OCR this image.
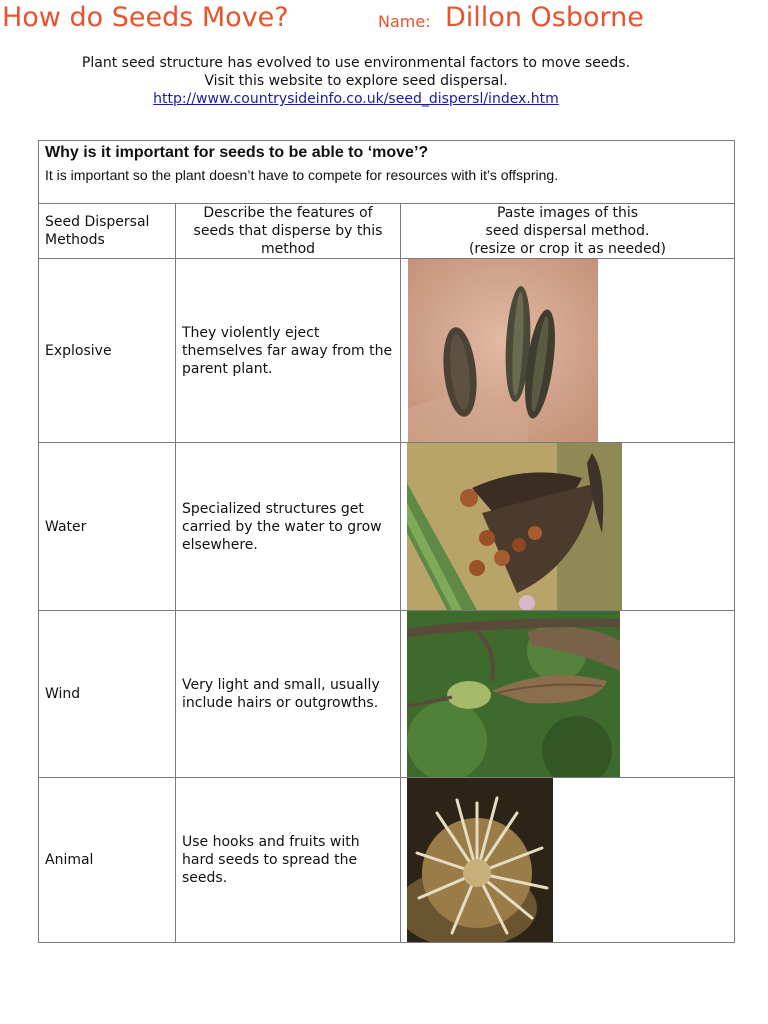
How do Seeds Move?	Name: Dillon Osborne
Plant seed structure has evolved to use environmental factors to move seeds.
Visit this website to explore seed dispersal.
http://www.countrysideinfo.co.uk/seed_dispersl/index.htm
Why is it important for seeds to be able to ‘move’?
It is important so the plant doesn’t have to compete for resources with it’s offspring.		

Seed Dispersal Methods	Describe the features of seeds that disperse by this method	Paste images of this
seed dispersal method.
(resize or crop it as needed)

Explosive	They violently eject themselves far away from the parent plant.	

Water	Specialized structures get carried by the water to grow elsewhere.	

Wind	Very light and small, usually include hairs or outgrowths.	

Animal	Use hooks and fruits with hard seeds to spread the seeds.	
